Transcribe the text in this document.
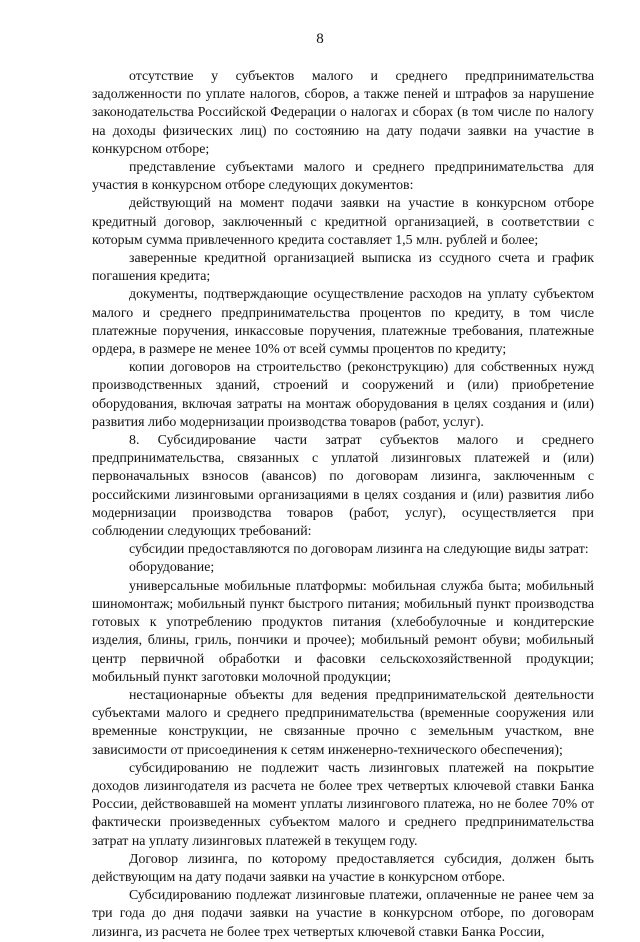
8

отсутствие у субъектов малого и среднего предпринимательства задолженности по уплате налогов, сборов, а также пеней и штрафов за нарушение законодательства Российской Федерации о налогах и сборах (в том числе по налогу на доходы физических лиц) по состоянию на дату подачи заявки на участие в конкурсном отборе;

представление субъектами малого и среднего предпринимательства для участия в конкурсном отборе следующих документов:

действующий на момент подачи заявки на участие в конкурсном отборе кредитный договор, заключенный с кредитной организацией, в соответствии с которым сумма привлеченного кредита составляет 1,5 млн. рублей и более;

заверенные кредитной организацией выписка из ссудного счета и график погашения кредита;

документы, подтверждающие осуществление расходов на уплату субъектом малого и среднего предпринимательства процентов по кредиту, в том числе платежные поручения, инкассовые поручения, платежные требования, платежные ордера, в размере не менее 10% от всей суммы процентов по кредиту;

копии договоров на строительство (реконструкцию) для собственных нужд производственных зданий, строений и сооружений и (или) приобретение оборудования, включая затраты на монтаж оборудования в целях создания и (или) развития либо модернизации производства товаров (работ, услуг).

8. Субсидирование части затрат субъектов малого и среднего предпринимательства, связанных с уплатой лизинговых платежей и (или) первоначальных взносов (авансов) по договорам лизинга, заключенным с российскими лизинговыми организациями в целях создания и (или) развития либо модернизации производства товаров (работ, услуг), осуществляется при соблюдении следующих требований:

субсидии предоставляются по договорам лизинга на следующие виды затрат:

оборудование;

универсальные мобильные платформы: мобильная служба быта; мобильный шиномонтаж; мобильный пункт быстрого питания; мобильный пункт производства готовых к употреблению продуктов питания (хлебобулочные и кондитерские изделия, блины, гриль, пончики и прочее); мобильный ремонт обуви; мобильный центр первичной обработки и фасовки сельскохозяйственной продукции; мобильный пункт заготовки молочной продукции;

нестационарные объекты для ведения предпринимательской деятельности субъектами малого и среднего предпринимательства (временные сооружения или временные конструкции, не связанные прочно с земельным участком, вне зависимости от присоединения к сетям инженерно-технического обеспечения);

субсидированию не подлежит часть лизинговых платежей на покрытие доходов лизингодателя из расчета не более трех четвертых ключевой ставки Банка России, действовавшей на момент уплаты лизингового платежа, но не более 70% от фактически произведенных субъектом малого и среднего предпринимательства затрат на уплату лизинговых платежей в текущем году.

Договор лизинга, по которому предоставляется субсидия, должен быть действующим на дату подачи заявки на участие в конкурсном отборе.

Субсидированию подлежат лизинговые платежи, оплаченные не ранее чем за три года до дня подачи заявки на участие в конкурсном отборе, по договорам лизинга, из расчета не более трех четвертых ключевой ставки Банка России,
